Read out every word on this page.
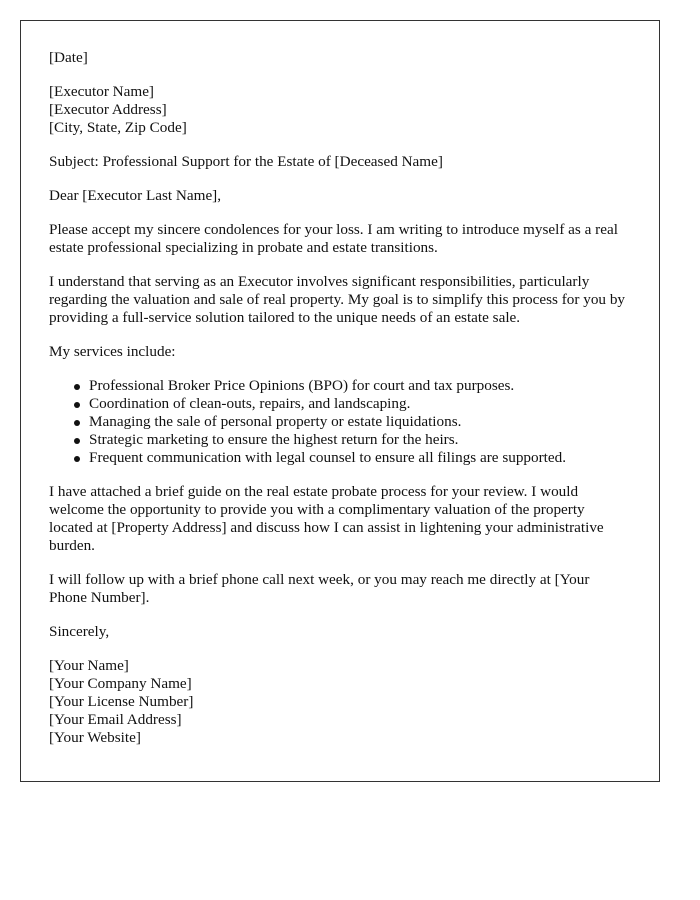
[Date]
[Executor Name]
[Executor Address]
[City, State, Zip Code]

Subject: Professional Support for the Estate of [Deceased Name]

Dear [Executor Last Name],

Please accept my sincere condolences for your loss. I am writing to introduce myself as a real estate professional specializing in probate and estate transitions.

I understand that serving as an Executor involves significant responsibilities, particularly regarding the valuation and sale of real property. My goal is to simplify this process for you by providing a full-service solution tailored to the unique needs of an estate sale.

My services include:

Professional Broker Price Opinions (BPO) for court and tax purposes.
Coordination of clean-outs, repairs, and landscaping.
Managing the sale of personal property or estate liquidations.
Strategic marketing to ensure the highest return for the heirs.
Frequent communication with legal counsel to ensure all filings are supported.

I have attached a brief guide on the real estate probate process for your review. I would welcome the opportunity to provide you with a complimentary valuation of the property located at [Property Address] and discuss how I can assist in lightening your administrative burden.

I will follow up with a brief phone call next week, or you may reach me directly at [Your Phone Number].

Sincerely,

[Your Name]
[Your Company Name]
[Your License Number]
[Your Email Address]
[Your Website]
